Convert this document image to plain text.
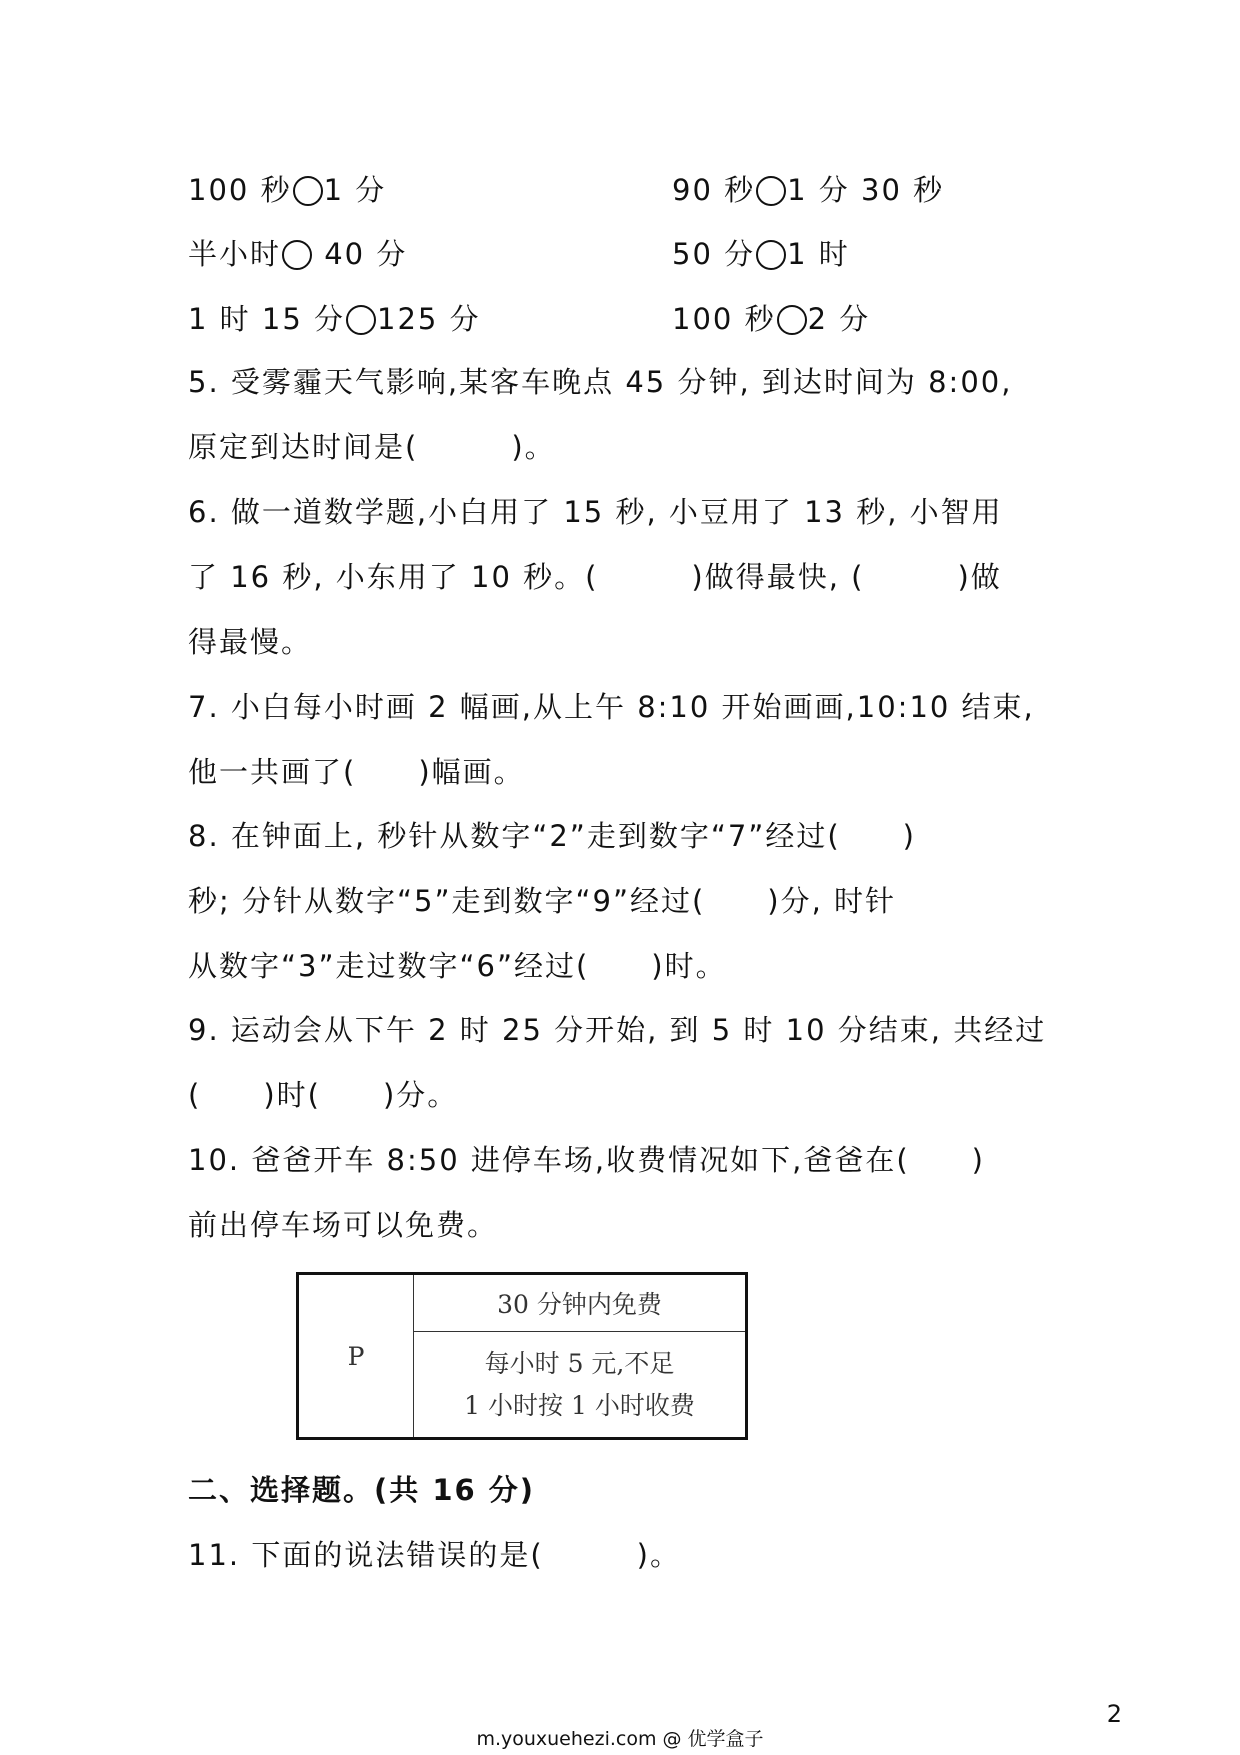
100 秒 1 分	90 秒 1 分 30 秒
半小时 40 分	50 分 1 时
1 时 15 分 125 分	100 秒 2 分
5. 受雾霾天气影响,某客车晚点 45 分钟, 到达时间为 8:00,
原定到达时间是(　　　)。
6. 做一道数学题,小白用了 15 秒, 小豆用了 13 秒, 小智用
了 16 秒, 小东用了 10 秒。(　　　)做得最快, (　　　)做
得最慢。
7. 小白每小时画 2 幅画,从上午 8:10 开始画画,10:10 结束,
他一共画了(　　)幅画。
8. 在钟面上, 秒针从数字“2”走到数字“7”经过(　　)
秒; 分针从数字“5”走到数字“9”经过(　　)分, 时针
从数字“3”走过数字“6”经过(　　)时。
9. 运动会从下午 2 时 25 分开始, 到 5 时 10 分结束, 共经过
(　　)时(　　)分。
10. 爸爸开车 8:50 进停车场,收费情况如下,爸爸在(　　)
前出停车场可以免费。
P	30 分钟内免费

每小时 5 元,不足
1 小时按 1 小时收费
二、选择题。(共 16 分)
11. 下面的说法错误的是(　　　)。
2
m.youxuehezi.com @ 优学盒子
